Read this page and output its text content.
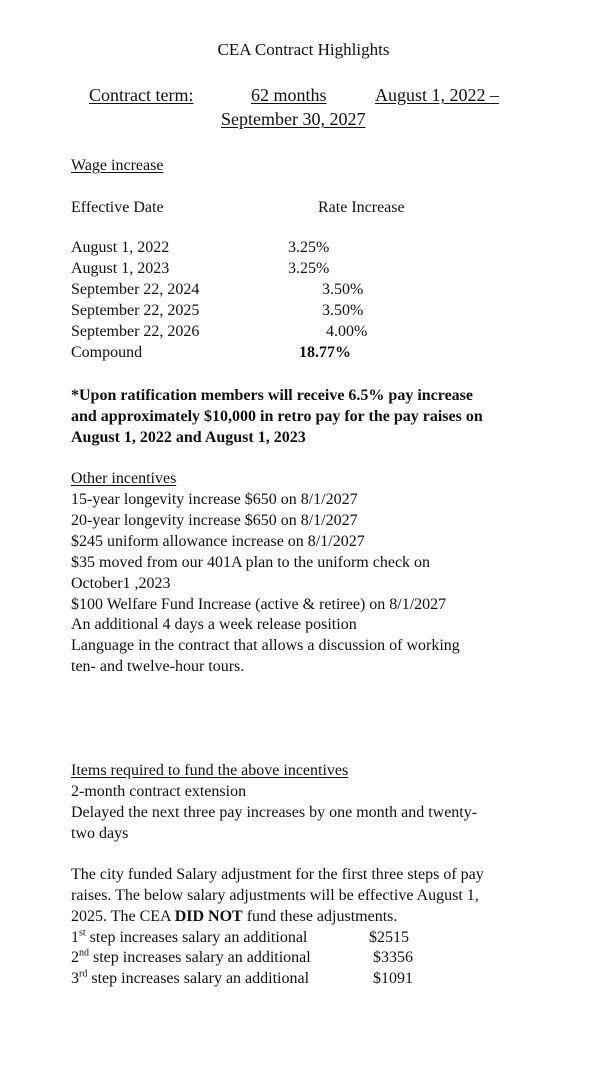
CEA Contract Highlights
Contract term:	62 months	August 1, 2022 –
September 30, 2027
Wage increase
Effective Date	Rate Increase
August 1, 2022	3.25%
August 1, 2023	3.25%
September 22, 2024	3.50%
September 22, 2025	3.50%
September 22, 2026	4.00%
Compound	18.77%
*Upon ratification members will receive 6.5% pay increase
and approximately $10,000 in retro pay for the pay raises on
August 1, 2022 and August 1, 2023
Other incentives
15-year longevity increase $650 on 8/1/2027
20-year longevity increase $650 on 8/1/2027
$245 uniform allowance increase on 8/1/2027
$35 moved from our 401A plan to the uniform check on
October1 ,2023
$100 Welfare Fund Increase (active & retiree) on 8/1/2027
An additional 4 days a week release position
Language in the contract that allows a discussion of working
ten- and twelve-hour tours.
Items required to fund the above incentives
2-month contract extension
Delayed the next three pay increases by one month and twenty-
two days
The city funded Salary adjustment for the first three steps of pay
raises. The below salary adjustments will be effective August 1,
2025. The CEA DID NOT fund these adjustments.
1st step increases salary an additional	$2515
2nd step increases salary an additional	$3356
3rd step increases salary an additional	$1091
